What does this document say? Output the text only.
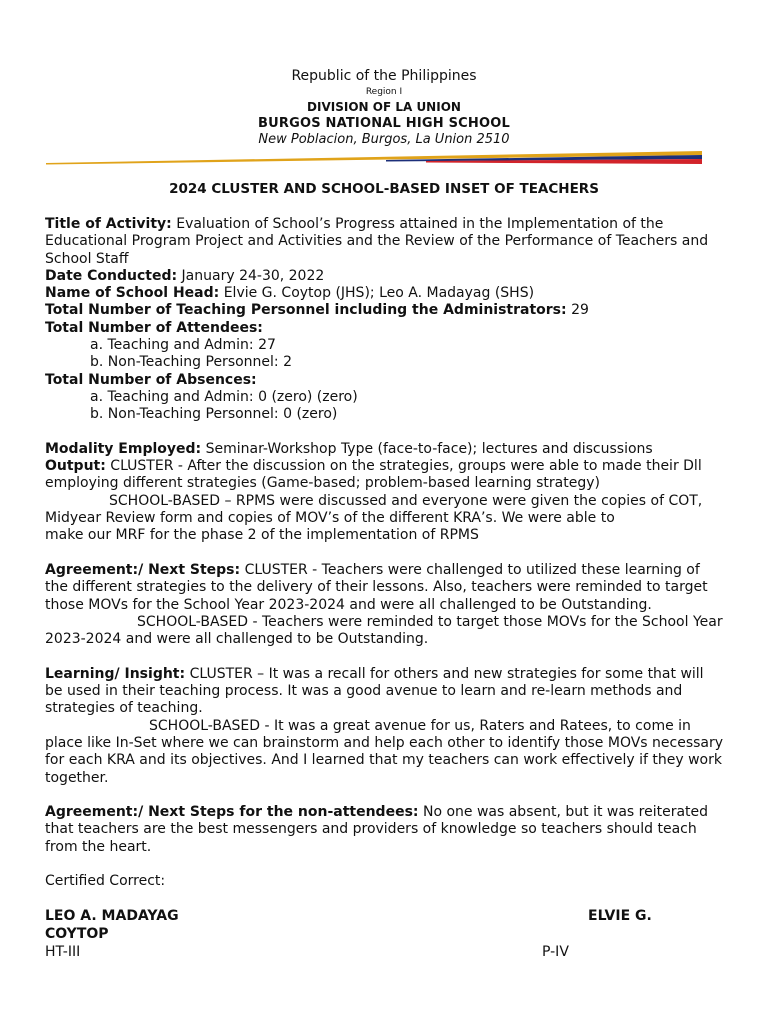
Republic of the Philippines
Region I
DIVISION OF LA UNION
BURGOS NATIONAL HIGH SCHOOL
New Poblacion, Burgos, La Union 2510
2024 CLUSTER AND SCHOOL-BASED INSET OF TEACHERS

Title of Activity: Evaluation of School’s Progress attained in the Implementation of the Educational Program Project and Activities and the Review of the Performance of Teachers and School Staff

Date Conducted: January 24-30, 2022

Name of School Head: Elvie G. Coytop (JHS); Leo A. Madayag (SHS)

Total Number of Teaching Personnel including the Administrators: 29

Total Number of Attendees:

a. Teaching and Admin: 27

b. Non-Teaching Personnel: 2

Total Number of Absences:

a. Teaching and Admin: 0 (zero) (zero)

b. Non-Teaching Personnel: 0 (zero)

Modality Employed: Seminar-Workshop Type (face-to-face); lectures and discussions

Output: CLUSTER - After the discussion on the strategies, groups were able to made their Dll employing different strategies (Game-based; problem-based learning strategy)

SCHOOL-BASED – RPMS were discussed and everyone were given the copies of COT,

Midyear Review form and copies of MOV’s of the different KRA’s. We were able to

make our MRF for the phase 2 of the implementation of RPMS

Agreement:/ Next Steps: CLUSTER - Teachers were challenged to utilized these learning of the different strategies to the delivery of their lessons. Also, teachers were reminded to target those MOVs for the School Year 2023-2024 and were all challenged to be Outstanding.

SCHOOL-BASED - Teachers were reminded to target those MOVs for the School Year 2023-2024 and were all challenged to be Outstanding.

Learning/ Insight: CLUSTER – It was a recall for others and new strategies for some that will be used in their teaching process. It was a good avenue to learn and re-learn methods and strategies of teaching.

SCHOOL-BASED - It was a great avenue for us, Raters and Ratees, to come in place like In-Set where we can brainstorm and help each other to identify those MOVs necessary for each KRA and its objectives. And I learned that my teachers can work effectively if they work together.

Agreement:/ Next Steps for the non-attendees: No one was absent, but it was reiterated that teachers are the best messengers and providers of knowledge so teachers should teach from the heart.

Certified Correct:

LEO A. MADAYAG	ELVIE G.
COYTOP
HT-III	P-IV
